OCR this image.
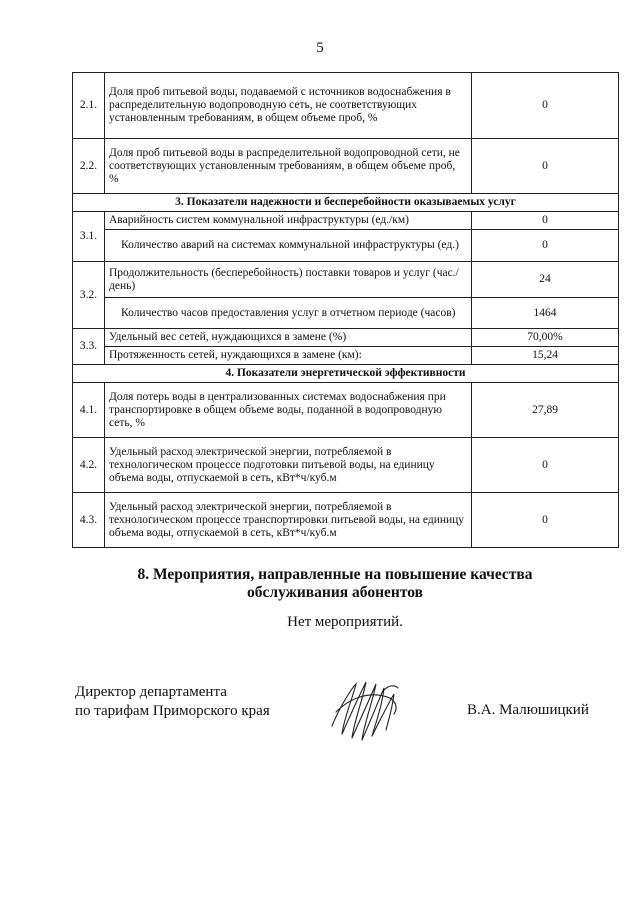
5
2.1.	Доля проб питьевой воды, подаваемой с источников водоснабжения в распределительную водопроводную сеть, не соответствующих установленным требованиям, в общем объеме проб, %	0
2.2.	Доля проб питьевой воды в распределительной водопроводной сети, не соответствующих установленным требованиям, в общем объеме проб, %	0
3. Показатели надежности и бесперебойности оказываемых услуг		
3.1.	Аварийность систем коммунальной инфраструктуры (ед./км)	0
	Количество аварий на системах коммунальной инфраструктуры (ед.)	0
3.2.	Продолжительность (бесперебойность) поставки товаров и услуг (час./день)	24
	Количество часов предоставления услуг в отчетном периоде (часов)	1464
3.3.	Удельный вес сетей, нуждающихся в замене (%)	70,00%
	Протяженность сетей, нуждающихся в замене (км):	15,24
4. Показатели энергетической эффективности		
4.1.	Доля потерь воды в централизованных системах водоснабжения при транспортировке в общем объеме воды, поданной в водопроводную сеть, %	27,89
4.2.	Удельный расход электрической энергии, потребляемой в технологическом процессе подготовки питьевой воды, на единицу объема воды, отпускаемой в сеть, кВт*ч/куб.м	0
4.3.	Удельный расход электрической энергии, потребляемой в технологическом процессе транспортировки питьевой воды, на единицу объема воды, отпускаемой в сеть, кВт*ч/куб.м	0
8. Мероприятия, направленные на повышение качества
обслуживания абонентов
Нет мероприятий.
Директор департамента
по тарифам Приморского края	В.А. Малюшицкий
